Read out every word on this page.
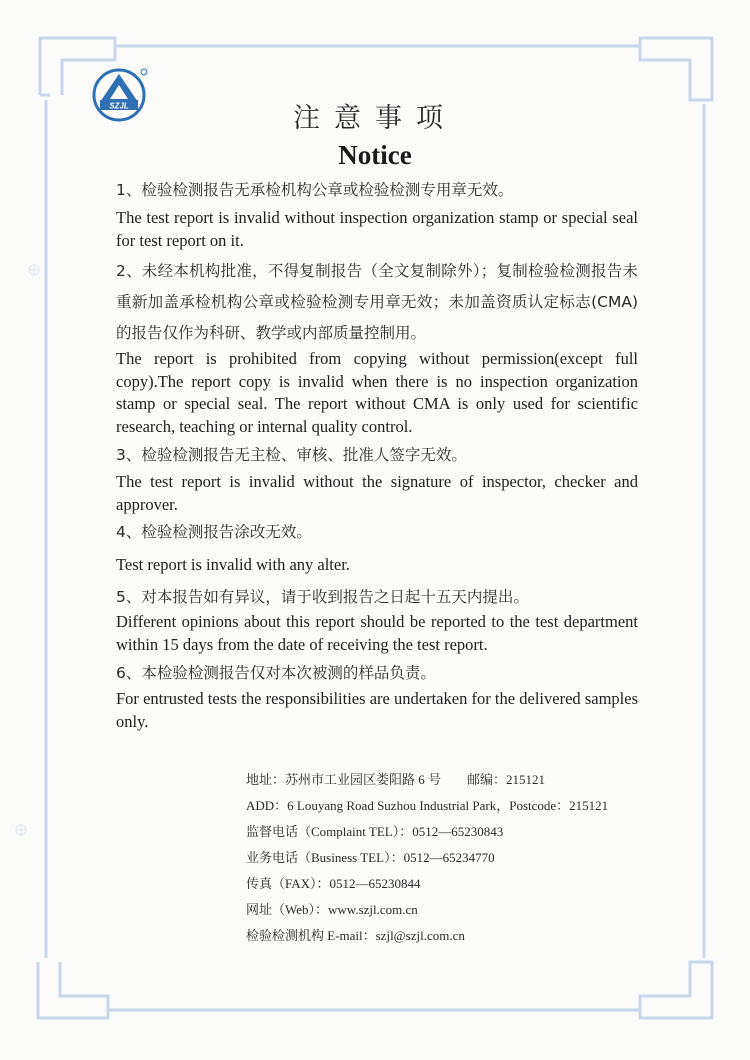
SZJL	注意事项
Notice
1、检验检测报告无承检机构公章或检验检测专用章无效。
The test report is invalid without inspection organization stamp or special seal for test report on it.
2、未经本机构批准，不得复制报告（全文复制除外）；复制检验检测报告未重新加盖承检机构公章或检验检测专用章无效；未加盖资质认定标志(CMA)的报告仅作为科研、教学或内部质量控制用。
The report is prohibited from copying without permission(except full copy).The report copy is invalid when there is no inspection organization stamp or special seal. The report without CMA is only used for scientific research, teaching or internal quality control.
3、检验检测报告无主检、审核、批准人签字无效。
The test report is invalid without the signature of inspector, checker and approver.
4、检验检测报告涂改无效。
Test report is invalid with any alter.
5、对本报告如有异议，请于收到报告之日起十五天内提出。
Different opinions about this report should be reported to the test department within 15 days from the date of receiving the test report.
6、本检验检测报告仅对本次被测的样品负责。
For entrusted tests the responsibilities are undertaken for the delivered samples only.
地址：苏州市工业园区娄阳路 6 号　　邮编：215121
ADD：6 Louyang Road Suzhou Industrial Park，Postcode：215121
监督电话（Complaint TEL）：0512—65230843
业务电话（Business TEL）：0512—65234770
传真（FAX）：0512—65230844
网址（Web）：www.szjl.com.cn
检验检测机构 E-mail：szjl@szjl.com.cn
